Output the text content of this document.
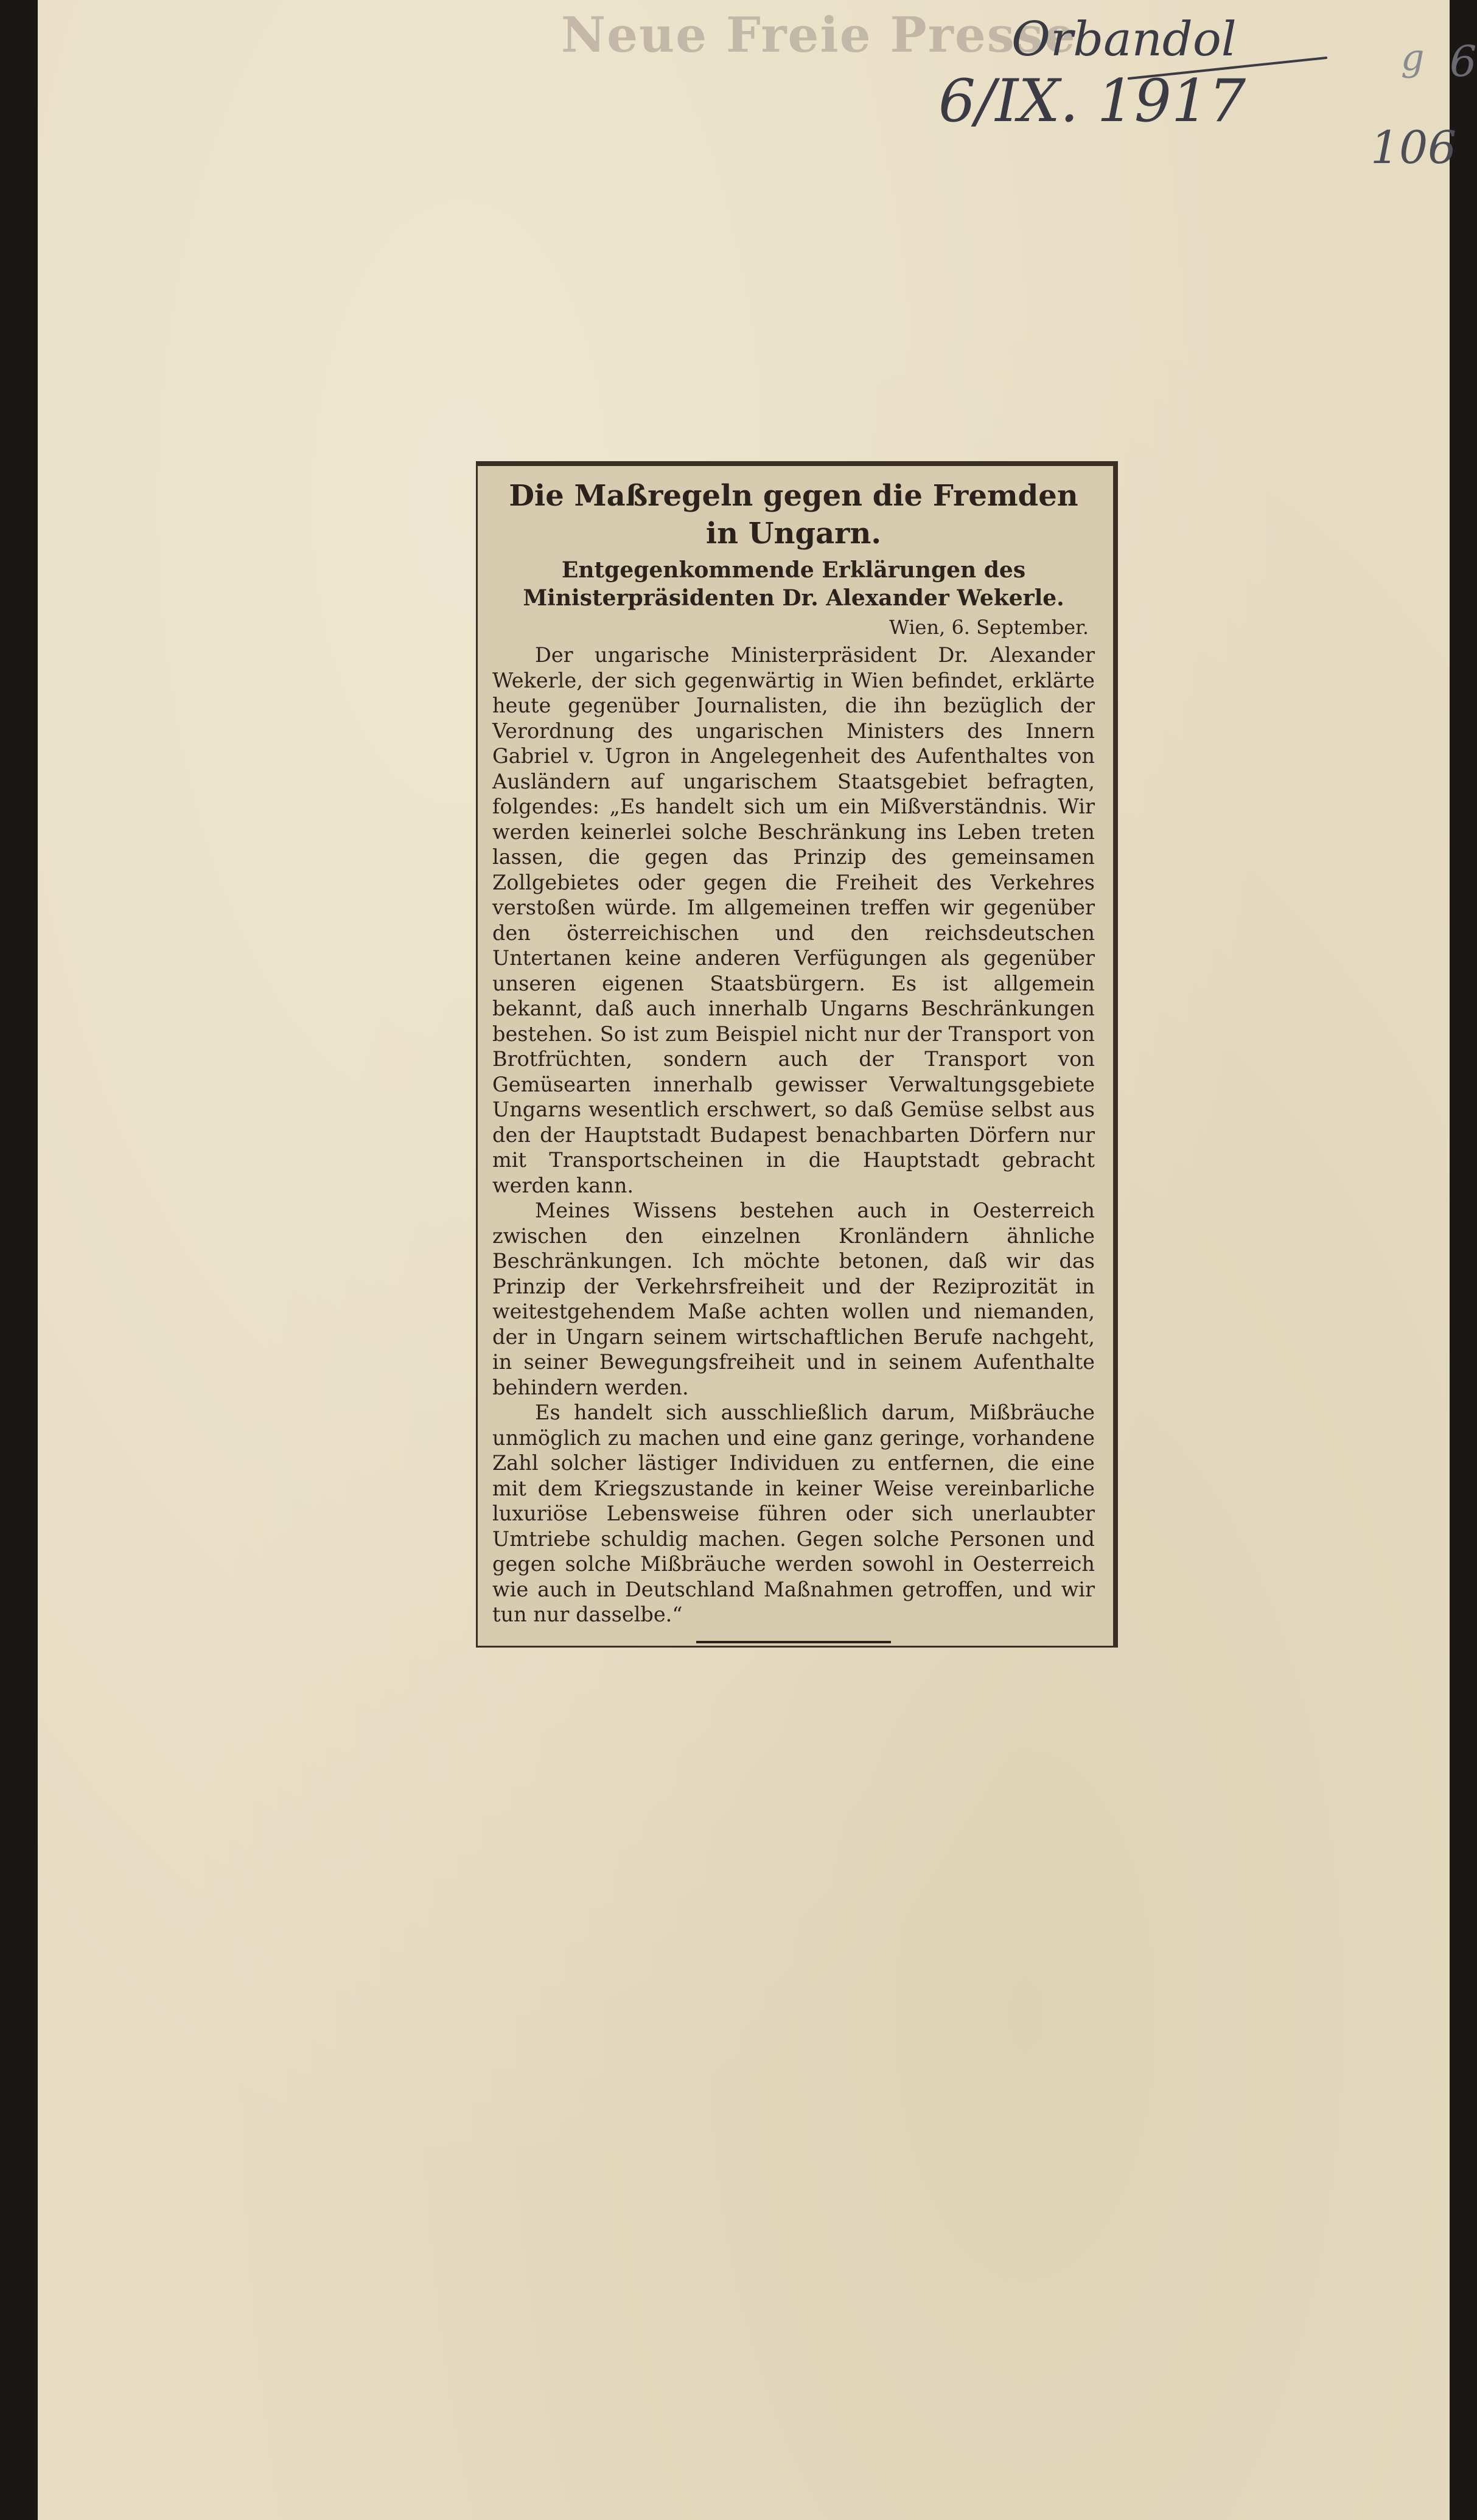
Neue Freie Presse
Orbandol
6/IX. 1917
g 6
106
Die Maßregeln gegen die Fremden in Ungarn.
Entgegenkommende Erklärungen des Ministerpräsidenten Dr. Alexander Wekerle.
Wien, 6. September.

Der ungarische Ministerpräsident Dr. Alexander Wekerle, der sich gegenwärtig in Wien befindet, erklärte heute gegenüber Journalisten, die ihn bezüglich der Verordnung des ungarischen Ministers des Innern Gabriel v. Ugron in Angelegenheit des Aufenthaltes von Ausländern auf ungarischem Staatsgebiet befragten, folgendes: „Es handelt sich um ein Mißverständnis. Wir werden keinerlei solche Beschränkung ins Leben treten lassen, die gegen das Prinzip des gemeinsamen Zollgebietes oder gegen die Freiheit des Verkehres verstoßen würde. Im allgemeinen treffen wir gegenüber den österreichischen und den reichsdeutschen Untertanen keine anderen Verfügungen als gegenüber unseren eigenen Staatsbürgern. Es ist allgemein bekannt, daß auch innerhalb Ungarns Beschränkungen bestehen. So ist zum Beispiel nicht nur der Transport von Brotfrüchten, sondern auch der Transport von Gemüsearten innerhalb gewisser Verwaltungsgebiete Ungarns wesentlich erschwert, so daß Gemüse selbst aus den der Hauptstadt Budapest benachbarten Dörfern nur mit Transportscheinen in die Hauptstadt gebracht werden kann.

Meines Wissens bestehen auch in Oesterreich zwischen den einzelnen Kronländern ähnliche Beschränkungen. Ich möchte betonen, daß wir das Prinzip der Verkehrsfreiheit und der Reziprozität in weitestgehendem Maße achten wollen und niemanden, der in Ungarn seinem wirtschaftlichen Berufe nachgeht, in seiner Bewegungsfreiheit und in seinem Aufenthalte behindern werden.

Es handelt sich ausschließlich darum, Mißbräuche unmöglich zu machen und eine ganz geringe, vorhandene Zahl solcher lästiger Individuen zu entfernen, die eine mit dem Kriegszustande in keiner Weise vereinbarliche luxuriöse Lebensweise führen oder sich unerlaubter Umtriebe schuldig machen. Gegen solche Personen und gegen solche Mißbräuche werden sowohl in Oesterreich wie auch in Deutschland Maßnahmen getroffen, und wir tun nur dasselbe.“
